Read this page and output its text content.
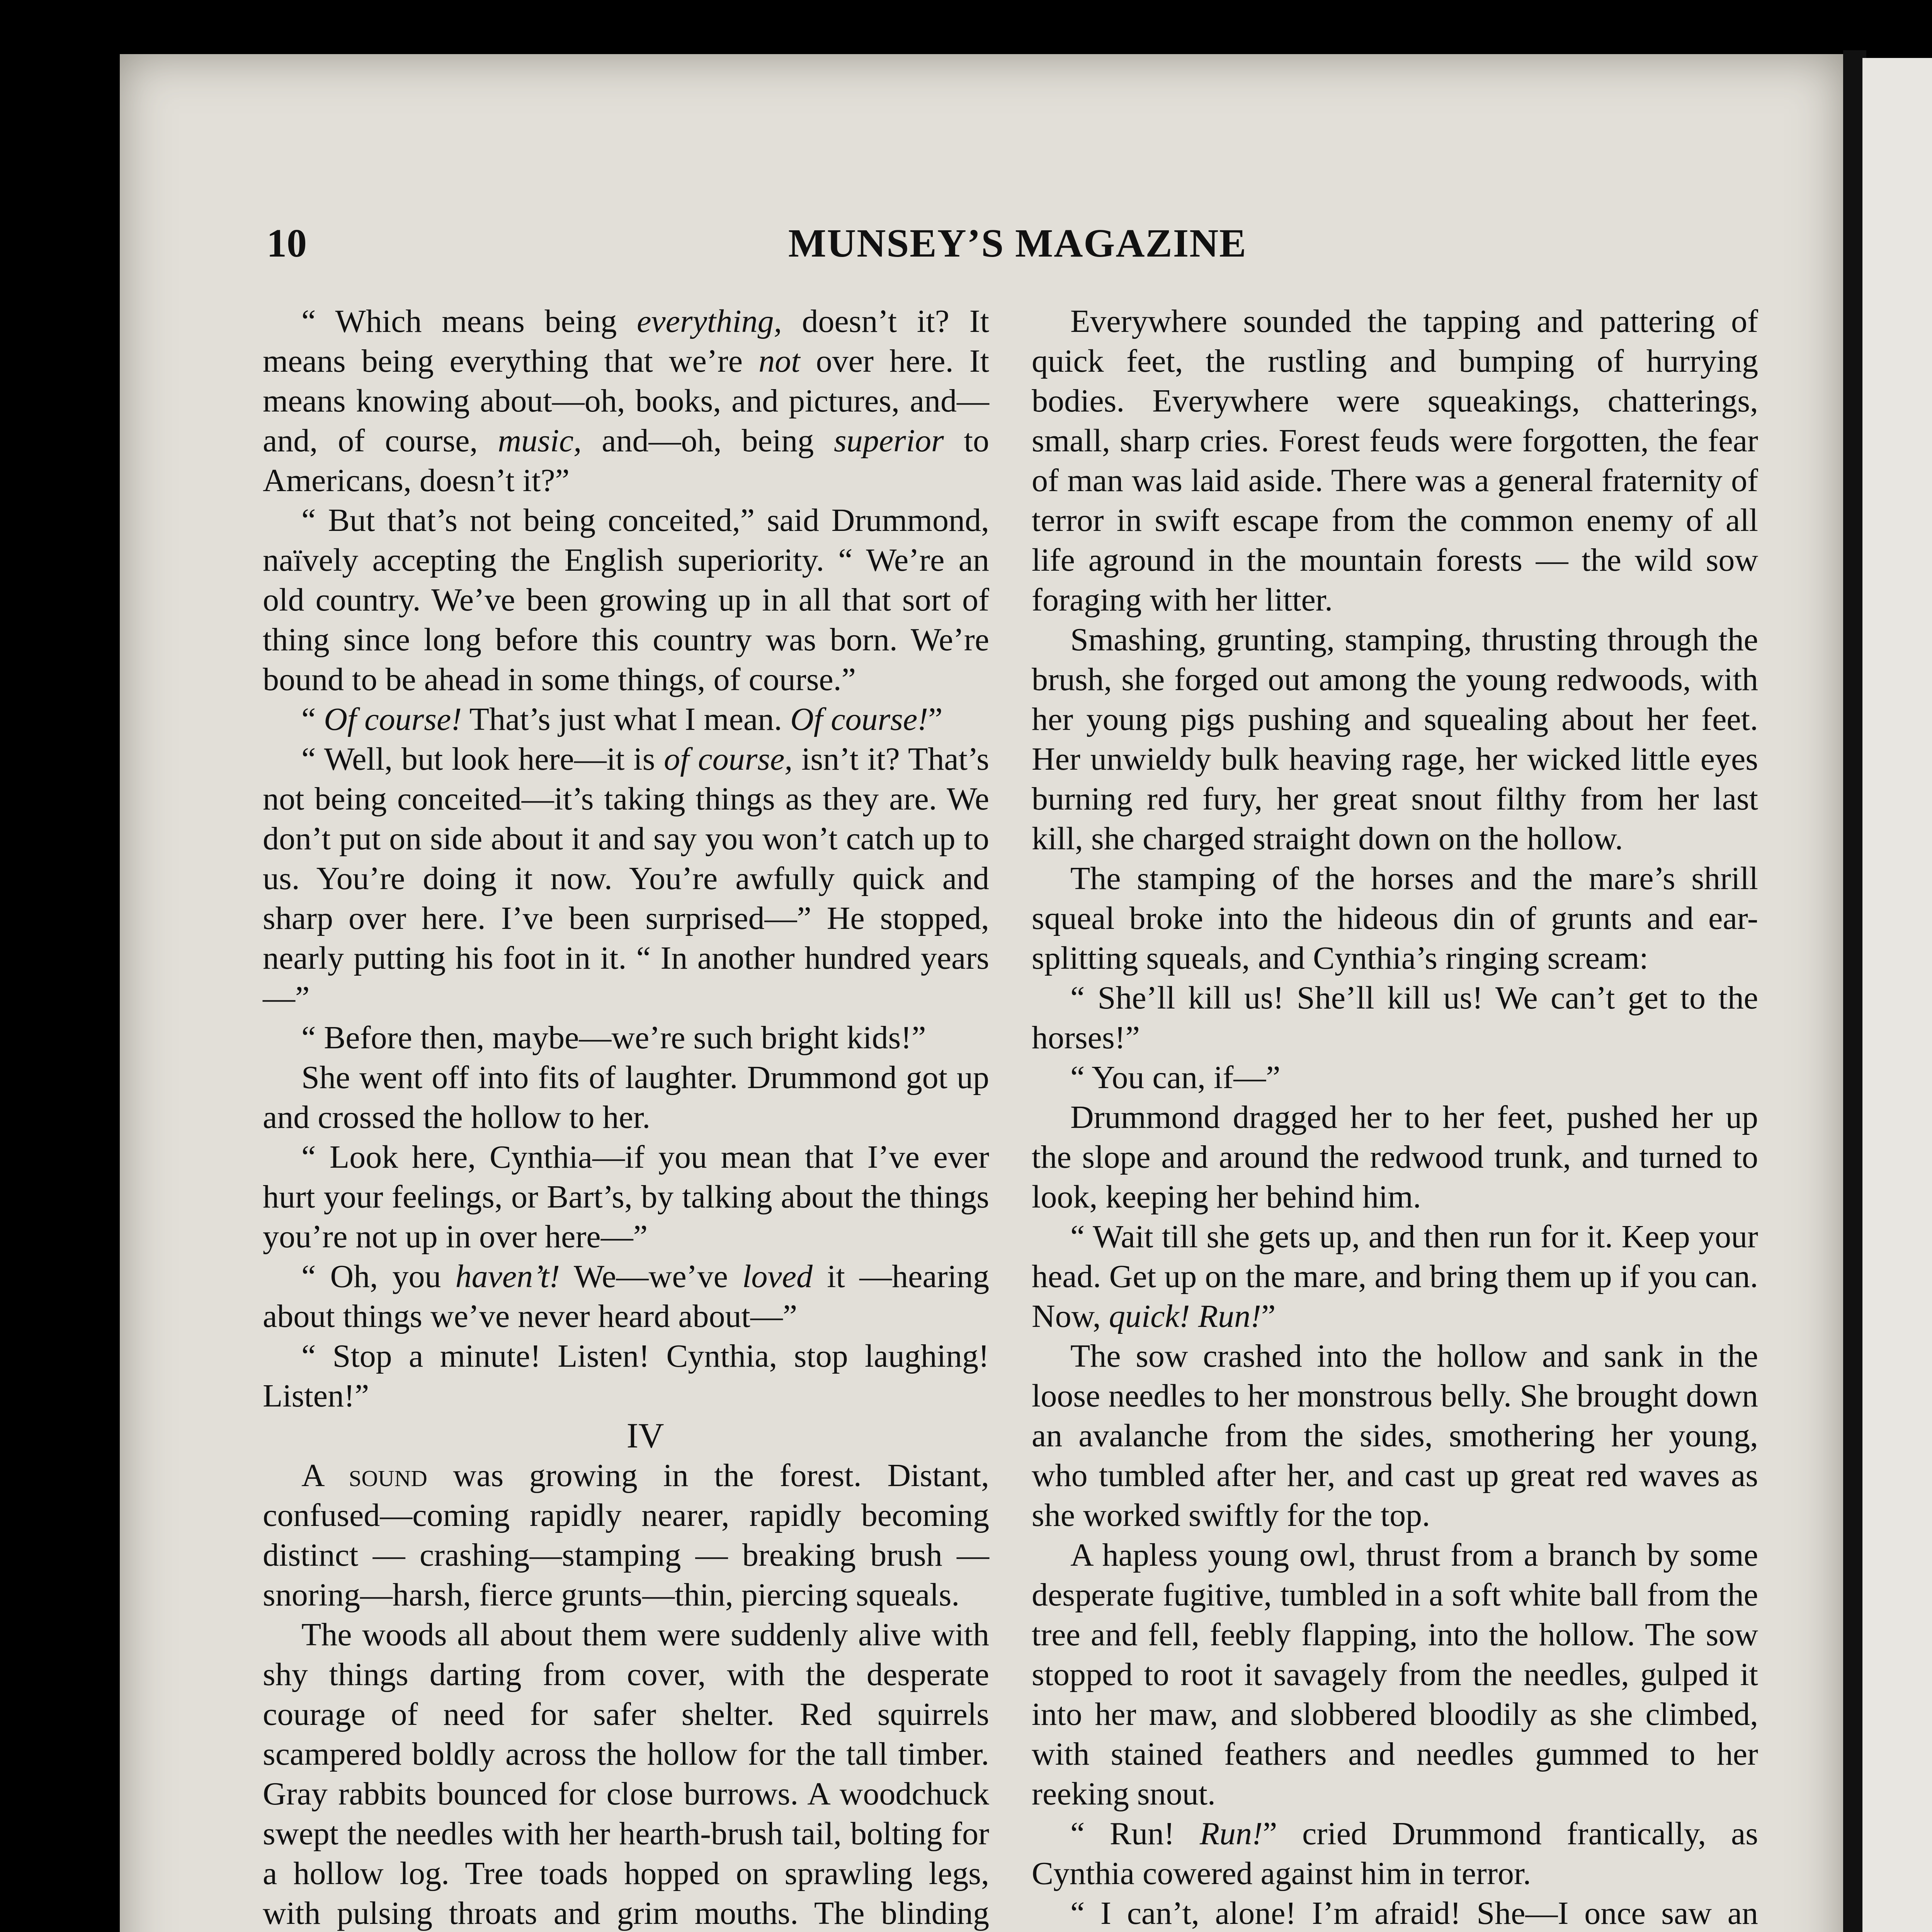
10	MUNSEY’S MAGAZINE

“ Which means being everything, doesn’t it? It means being everything that we’re not over here. It means knowing about—oh, books, and pictures, and—and, of course, music, and—oh, being superior to Americans, doesn’t it?”

“ But that’s not being conceited,” said Drummond, naïvely accepting the English superiority. “ We’re an old country. We’ve been growing up in all that sort of thing since long before this country was born. We’re bound to be ahead in some things, of course.”

“ Of course! That’s just what I mean. Of course!”

“ Well, but look here—it is of course, isn’t it? That’s not being conceited—it’s taking things as they are. We don’t put on side about it and say you won’t catch up to us. You’re doing it now. You’re awfully quick and sharp over here. I’ve been surprised—” He stopped, nearly putting his foot in it. “ In another hundred years—”

“ Before then, maybe—we’re such bright kids!”

She went off into fits of laughter. Drummond got up and crossed the hollow to her.

“ Look here, Cynthia—if you mean that I’ve ever hurt your feelings, or Bart’s, by talking about the things you’re not up in over here—”

“ Oh, you haven’t! We—we’ve loved it —hearing about things we’ve never heard about—”

“ Stop a minute! Listen! Cynthia, stop laughing! Listen!”

IV

A sound was growing in the forest. Distant, confused—coming rapidly nearer, rapidly becoming distinct — crashing—stamping — breaking brush — snoring—harsh, fierce grunts—thin, piercing squeals.

The woods all about them were suddenly alive with shy things darting from cover, with the desperate courage of need for safer shelter. Red squirrels scampered boldly across the hollow for the tall timber. Gray rabbits bounced for close burrows. A woodchuck swept the needles with her hearth-brush tail, bolting for a hollow log. Tree toads hopped on sprawling legs, with pulsing throats and grim mouths. The blinding

Everywhere sounded the tapping and pattering of quick feet, the rustling and bumping of hurrying bodies. Everywhere were squeakings, chatterings, small, sharp cries. Forest feuds were forgotten, the fear of man was laid aside. There was a general fraternity of terror in swift escape from the common enemy of all life aground in the mountain forests — the wild sow foraging with her litter.

Smashing, grunting, stamping, thrusting through the brush, she forged out among the young redwoods, with her young pigs pushing and squealing about her feet. Her unwieldy bulk heaving rage, her wicked little eyes burning red fury, her great snout filthy from her last kill, she charged straight down on the hollow.

The stamping of the horses and the mare’s shrill squeal broke into the hideous din of grunts and ear-splitting squeals, and Cynthia’s ringing scream:

“ She’ll kill us! She’ll kill us! We can’t get to the horses!”

“ You can, if—”

Drummond dragged her to her feet, pushed her up the slope and around the redwood trunk, and turned to look, keeping her behind him.

“ Wait till she gets up, and then run for it. Keep your head. Get up on the mare, and bring them up if you can. Now, quick! Run!”

The sow crashed into the hollow and sank in the loose needles to her monstrous belly. She brought down an avalanche from the sides, smothering her young, who tumbled after her, and cast up great red waves as she worked swiftly for the top.

A hapless young owl, thrust from a branch by some desperate fugitive, tumbled in a soft white ball from the tree and fell, feebly flapping, into the hollow. The sow stopped to root it savagely from the needles, gulped it into her maw, and slobbered bloodily as she climbed, with stained feathers and needles gummed to her reeking snout.

“ Run! Run!” cried Drummond frantically, as Cynthia cowered against him in terror.

“ I can’t, alone! I’m afraid! She—I once saw an
